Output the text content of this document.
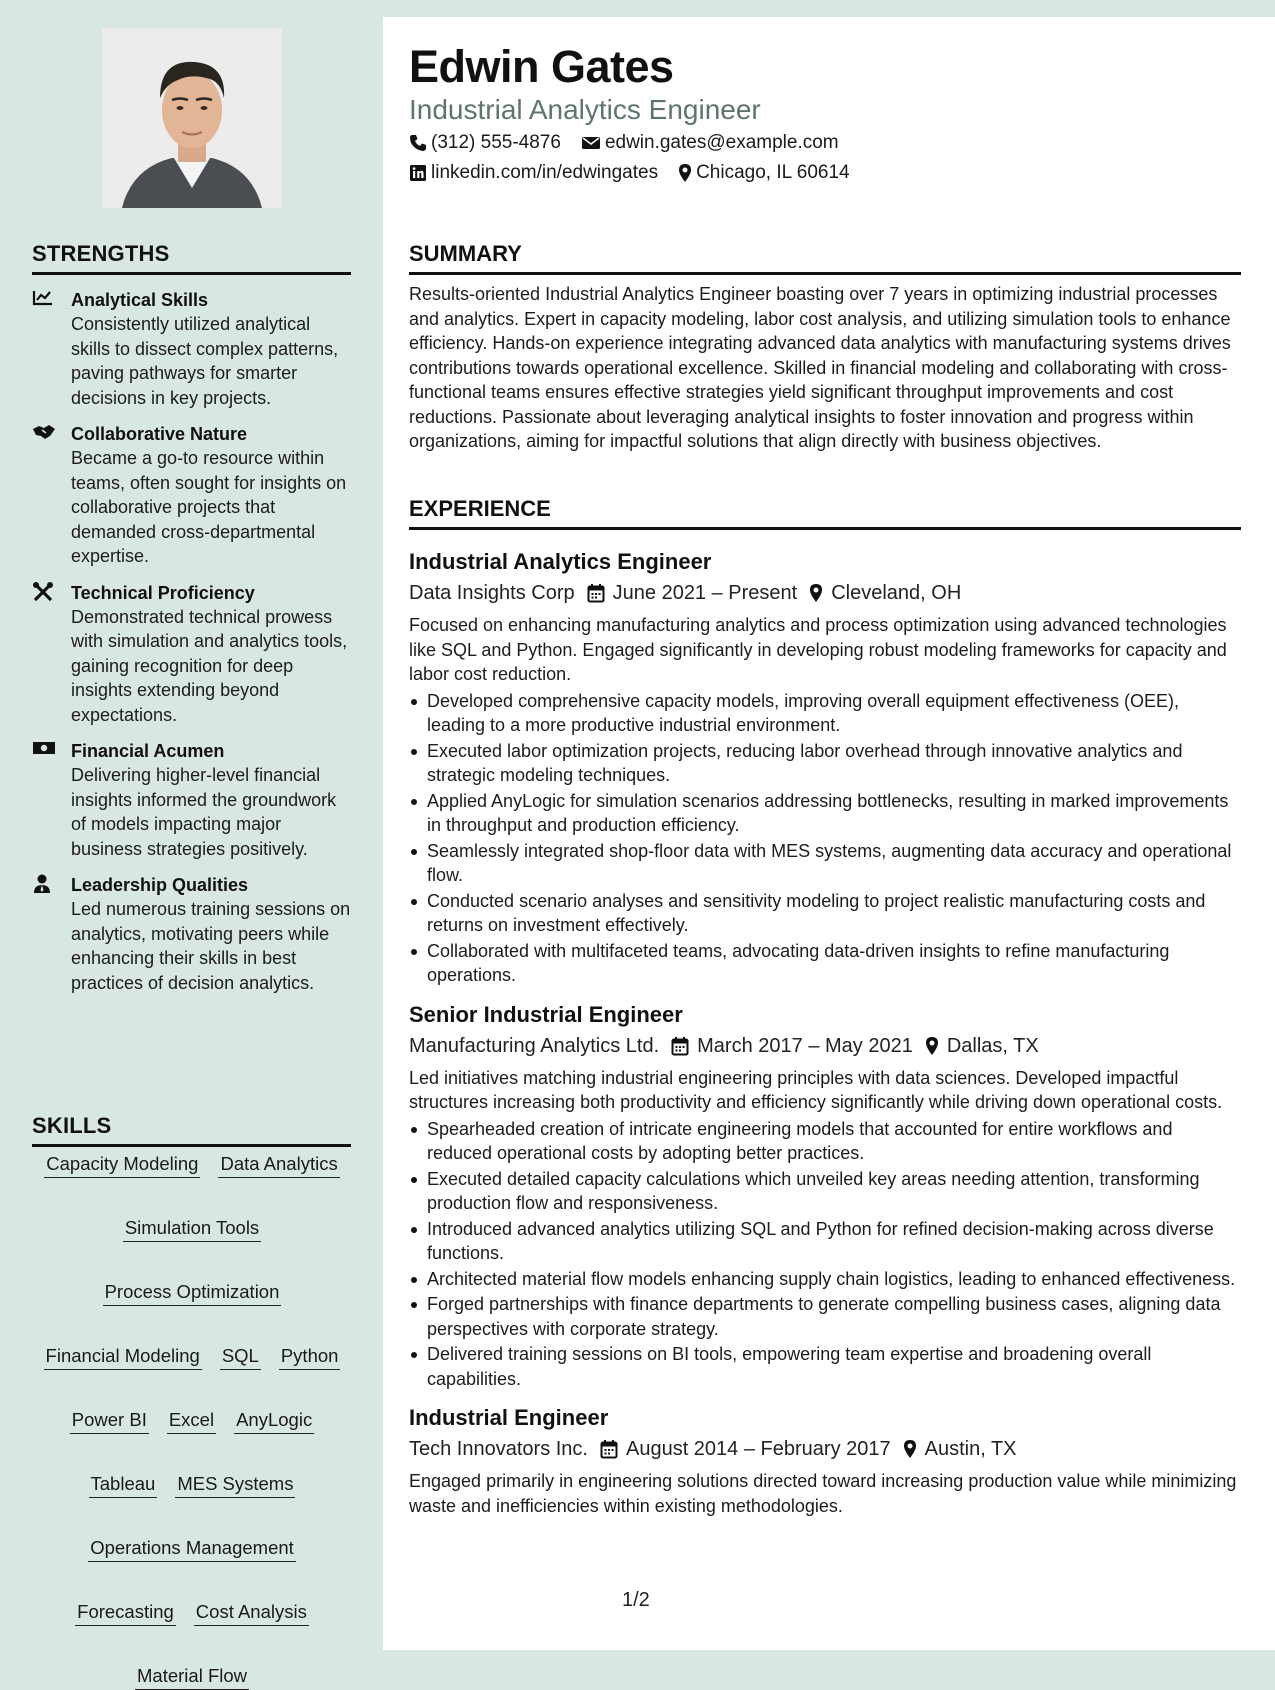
STRENGTHS
Analytical Skills
Consistently utilized analytical skills to dissect complex patterns, paving pathways for smarter decisions in key projects.
Collaborative Nature
Became a go-to resource within teams, often sought for insights on collaborative projects that demanded cross-departmental expertise.
Technical Proficiency
Demonstrated technical prowess with simulation and analytics tools, gaining recognition for deep insights extending beyond expectations.
Financial Acumen
Delivering higher-level financial insights informed the groundwork of models impacting major business strategies positively.
Leadership Qualities
Led numerous training sessions on analytics, motivating peers while enhancing their skills in best practices of decision analytics.
SKILLS
Capacity Modeling Data Analytics
Simulation Tools
Process Optimization
Financial Modeling SQL Python
Power BI Excel AnyLogic
Tableau MES Systems
Operations Management
Forecasting Cost Analysis
Material Flow
Edwin Gates
Industrial Analytics Engineer
(312) 555-4876 edwin.gates@example.com
linkedin.com/in/edwingates Chicago, IL 60614
SUMMARY
Results-oriented Industrial Analytics Engineer boasting over 7 years in optimizing industrial processes and analytics. Expert in capacity modeling, labor cost analysis, and utilizing simulation tools to enhance efficiency. Hands-on experience integrating advanced data analytics with manufacturing systems drives contributions towards operational excellence. Skilled in financial modeling and collaborating with cross-functional teams ensures effective strategies yield significant throughput improvements and cost reductions. Passionate about leveraging analytical insights to foster innovation and progress within organizations, aiming for impactful solutions that align directly with business objectives.
EXPERIENCE
Industrial Analytics Engineer
Data Insights Corp June 2021 – Present Cleveland, OH
Focused on enhancing manufacturing analytics and process optimization using advanced technologies like SQL and Python. Engaged significantly in developing robust modeling frameworks for capacity and labor cost reduction.
Developed comprehensive capacity models, improving overall equipment effectiveness (OEE), leading to a more productive industrial environment.
Executed labor optimization projects, reducing labor overhead through innovative analytics and strategic modeling techniques.
Applied AnyLogic for simulation scenarios addressing bottlenecks, resulting in marked improvements in throughput and production efficiency.
Seamlessly integrated shop-floor data with MES systems, augmenting data accuracy and operational flow.
Conducted scenario analyses and sensitivity modeling to project realistic manufacturing costs and returns on investment effectively.
Collaborated with multifaceted teams, advocating data-driven insights to refine manufacturing operations.
Senior Industrial Engineer
Manufacturing Analytics Ltd. March 2017 – May 2021 Dallas, TX
Led initiatives matching industrial engineering principles with data sciences. Developed impactful structures increasing both productivity and efficiency significantly while driving down operational costs.
Spearheaded creation of intricate engineering models that accounted for entire workflows and reduced operational costs by adopting better practices.
Executed detailed capacity calculations which unveiled key areas needing attention, transforming production flow and responsiveness.
Introduced advanced analytics utilizing SQL and Python for refined decision-making across diverse functions.
Architected material flow models enhancing supply chain logistics, leading to enhanced effectiveness.
Forged partnerships with finance departments to generate compelling business cases, aligning data perspectives with corporate strategy.
Delivered training sessions on BI tools, empowering team expertise and broadening overall capabilities.
Industrial Engineer
Tech Innovators Inc. August 2014 – February 2017 Austin, TX
Engaged primarily in engineering solutions directed toward increasing production value while minimizing waste and inefficiencies within existing methodologies.
1/2
